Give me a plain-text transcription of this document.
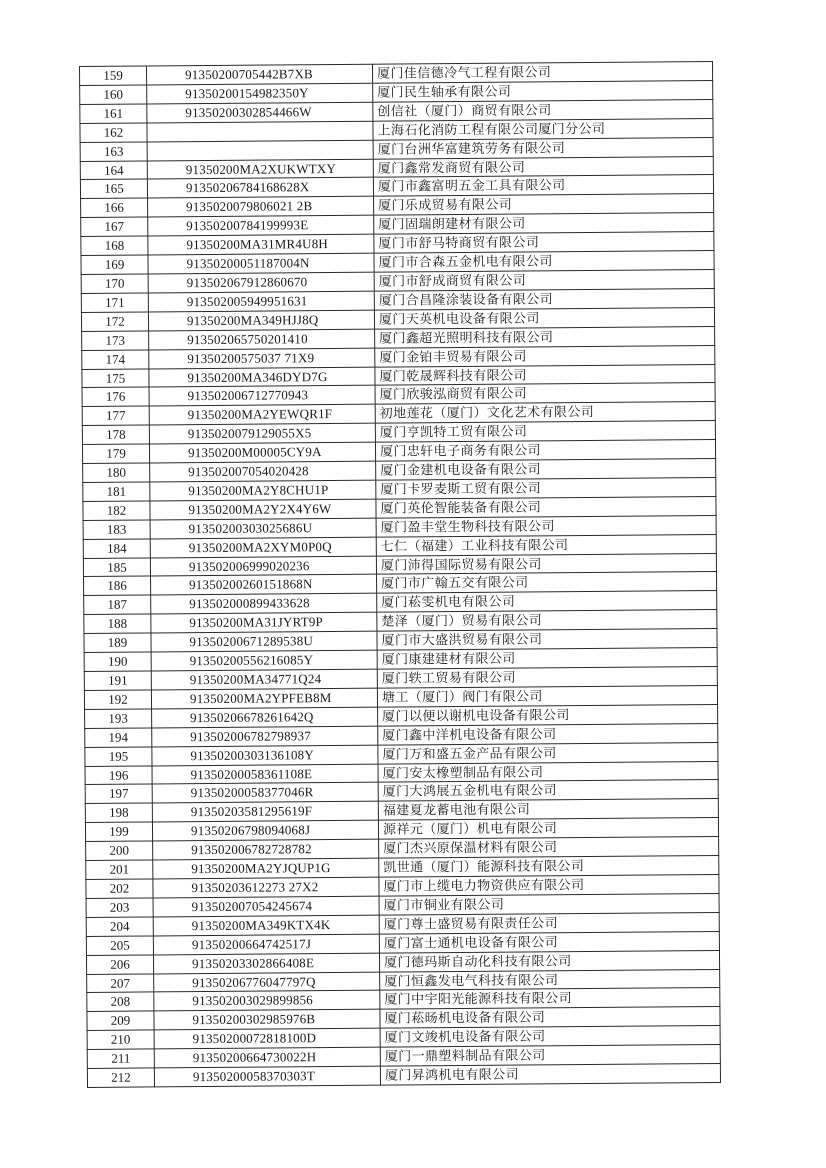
159	91350200705442B7XB	厦门佳信德冷气工程有限公司
160	91350200154982350Y	厦门民生轴承有限公司
161	91350200302854466W	创信社（厦门）商贸有限公司
162		上海石化消防工程有限公司厦门分公司
163		厦门台洲华富建筑劳务有限公司
164	91350200MA2XUKWTXY	厦门鑫常发商贸有限公司
165	91350206784168628X	厦门市鑫富明五金工具有限公司
166	9135020079806021 2B	厦门乐成贸易有限公司
167	91350200784199993E	厦门固瑞朗建材有限公司
168	91350200MA31MR4U8H	厦门市舒马特商贸有限公司
169	91350200051187004N	厦门市合森五金机电有限公司
170	913502067912860670	厦门市舒成商贸有限公司
171	913502005949951631	厦门合昌隆涂装设备有限公司
172	91350200MA349HJJ8Q	厦门天英机电设备有限公司
173	913502065750201410	厦门鑫超光照明科技有限公司
174	91350200575037 71X9	厦门金铂丰贸易有限公司
175	91350200MA346DYD7G	厦门乾晟辉科技有限公司
176	913502006712770943	厦门欣骏泓商贸有限公司
177	91350200MA2YEWQR1F	初地莲花（厦门）文化艺术有限公司
178	9135020079129055X5	厦门亨凯特工贸有限公司
179	91350200M00005CY9A	厦门忠轩电子商务有限公司
180	913502007054020428	厦门金建机电设备有限公司
181	91350200MA2Y8CHU1P	厦门卡罗麦斯工贸有限公司
182	91350200MA2Y2X4Y6W	厦门英伦智能装备有限公司
183	91350200303025686U	厦门盈丰堂生物科技有限公司
184	91350200MA2XYM0P0Q	七仁（福建）工业科技有限公司
185	913502006999020236	厦门沛得国际贸易有限公司
186	91350200260151868N	厦门市广翰五交有限公司
187	913502000899433628	厦门菘雯机电有限公司
188	91350200MA31JYRT9P	楚泽（厦门）贸易有限公司
189	91350200671289538U	厦门市大盛洪贸易有限公司
190	91350200556216085Y	厦门康建建材有限公司
191	91350200MA34771Q24	厦门轶工贸易有限公司
192	91350200MA2YPFEB8M	塘工（厦门）阀门有限公司
193	91350206678261642Q	厦门以便以谢机电设备有限公司
194	913502006782798937	厦门鑫中洋机电设备有限公司
195	91350200303136108Y	厦门万和盛五金产品有限公司
196	91350200058361108E	厦门安太橡塑制品有限公司
197	91350200058377046R	厦门大鸿展五金机电有限公司
198	91350203581295619F	福建夏龙蓄电池有限公司
199	91350206798094068J	源祥元（厦门）机电有限公司
200	913502006782728782	厦门杰兴原保温材料有限公司
201	91350200MA2YJQUP1G	凯世通（厦门）能源科技有限公司
202	91350203612273 27X2	厦门市上缆电力物资供应有限公司
203	913502007054245674	厦门市铜业有限公司
204	91350200MA349KTX4K	厦门尊士盛贸易有限责任公司
205	91350200664742517J	厦门富士通机电设备有限公司
206	91350203302866408E	厦门德玛斯自动化科技有限公司
207	91350206776047797Q	厦门恒鑫发电气科技有限公司
208	913502003029899856	厦门中宇阳光能源科技有限公司
209	91350200302985976B	厦门菘旸机电设备有限公司
210	91350200072818100D	厦门文竣机电设备有限公司
211	91350200664730022H	厦门一鼎塑料制品有限公司
212	91350200058370303T	厦门昇鸿机电有限公司
